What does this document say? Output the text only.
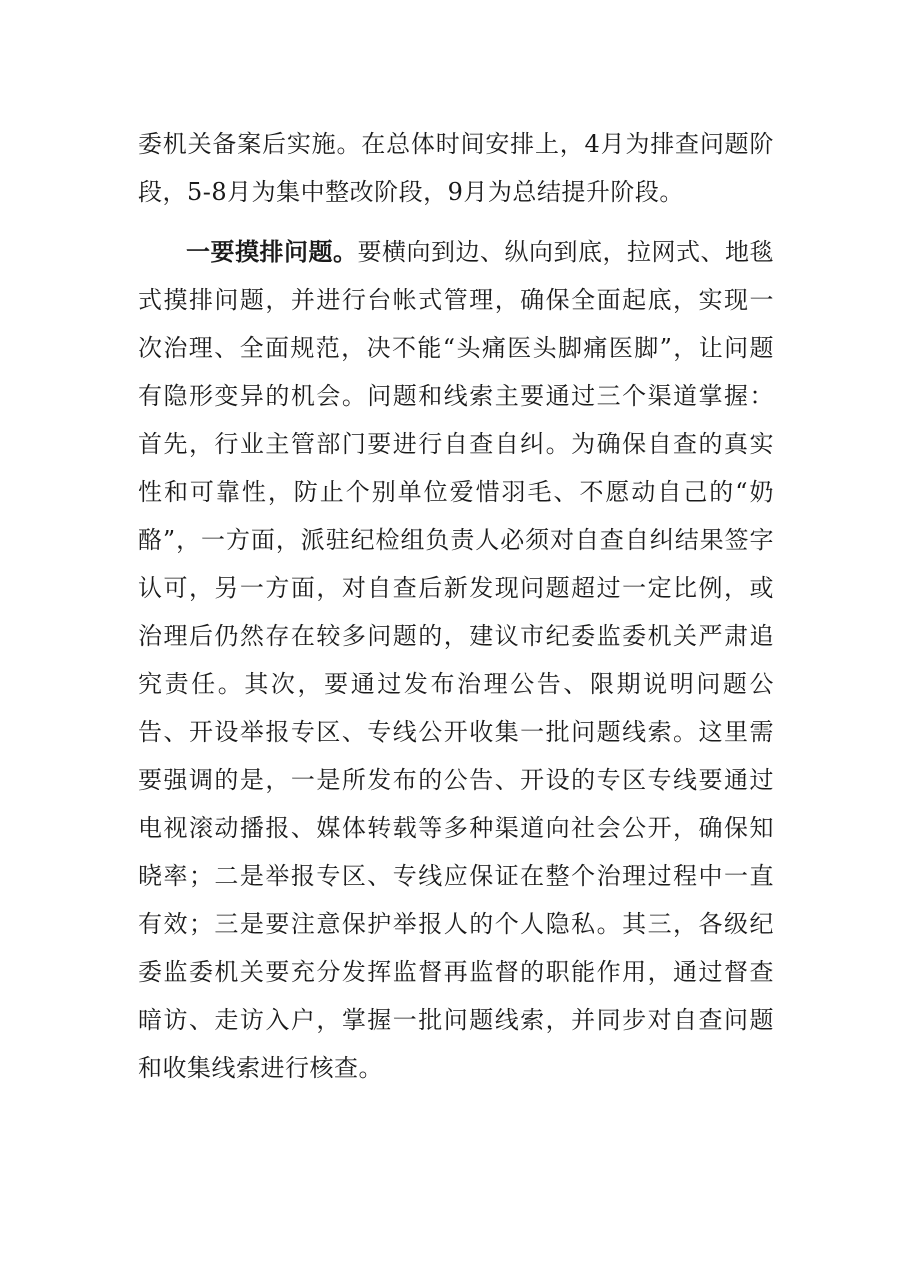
委机关备案后实施。在总体时间安排上，4月为排查问题阶段，5-8月为集中整改阶段，9月为总结提升阶段。

一要摸排问题。要横向到边、纵向到底，拉网式、地毯式摸排问题，并进行台帐式管理，确保全面起底，实现一次治理、全面规范，决不能“头痛医头脚痛医脚”，让问题有隐形变异的机会。问题和线索主要通过三个渠道掌握：首先，行业主管部门要进行自查自纠。为确保自查的真实性和可靠性，防止个别单位爱惜羽毛、不愿动自己的“奶酪”，一方面，派驻纪检组负责人必须对自查自纠结果签字认可，另一方面，对自查后新发现问题超过一定比例，或治理后仍然存在较多问题的，建议市纪委监委机关严肃追究责任。其次，要通过发布治理公告、限期说明问题公告、开设举报专区、专线公开收集一批问题线索。这里需要强调的是，一是所发布的公告、开设的专区专线要通过电视滚动播报、媒体转载等多种渠道向社会公开，确保知晓率；二是举报专区、专线应保证在整个治理过程中一直有效；三是要注意保护举报人的个人隐私。其三，各级纪委监委机关要充分发挥监督再监督的职能作用，通过督查暗访、走访入户，掌握一批问题线索，并同步对自查问题和收集线索进行核查。
